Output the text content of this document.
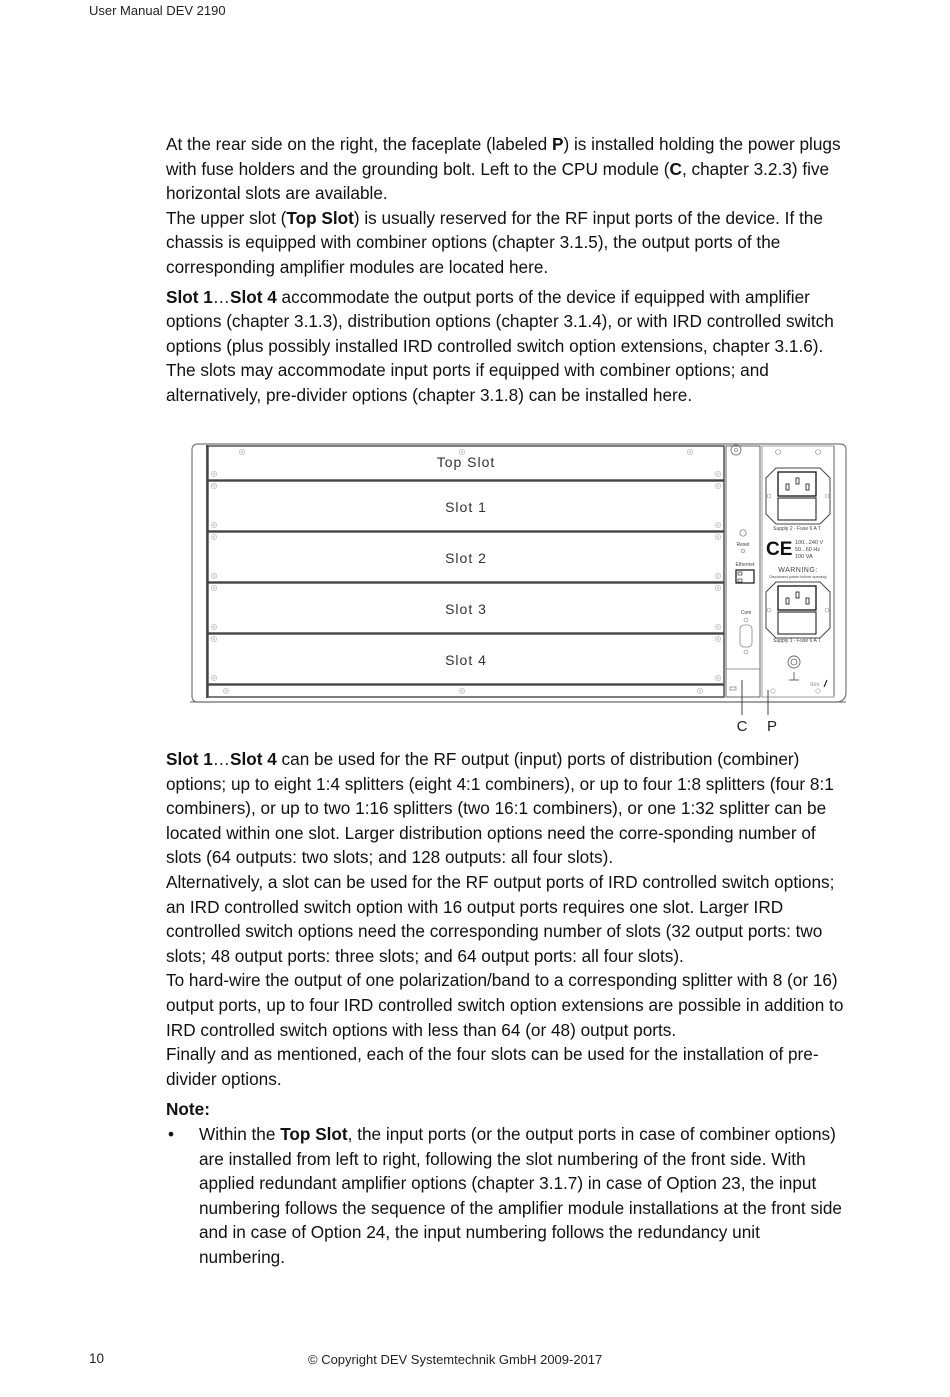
User Manual DEV 2190

At the rear side on the right, the faceplate (labeled P) is installed holding the power plugs with fuse holders and the grounding bolt. Left to the CPU module (C, chapter 3.2.3) five horizontal slots are available.

The upper slot (Top Slot) is usually reserved for the RF input ports of the device. If the chassis is equipped with combiner options (chapter 3.1.5), the output ports of the corresponding amplifier modules are located here.

Slot 1…Slot 4 accommodate the output ports of the device if equipped with amplifier options (chapter 3.1.3), distribution options (chapter 3.1.4), or with IRD controlled switch options (plus possibly installed IRD controlled switch option extensions, chapter 3.1.6). The slots may accommodate input ports if equipped with combiner options; and alternatively, pre-divider options (chapter 3.1.8) can be installed here.

Top Slot
Slot 1
Slot 2
Slot 3
Slot 4
Reset
Ethernet
Com
Supply 2 - Fuse 6 A T
CE 100...240 V
50...60 Hz
100 VA
WARNING:
Disconnect power before opening!
Supply 1 - Fuse 6 A T
dev
C P

Slot 1…Slot 4 can be used for the RF output (input) ports of distribution (combiner) options; up to eight 1:4 splitters (eight 4:1 combiners), or up to four 1:8 splitters (four 8:1 combiners), or up to two 1:16 splitters (two 16:1 combiners), or one 1:32 splitter can be located within one slot. Larger distribution options need the corre-sponding number of slots (64 outputs: two slots; and 128 outputs: all four slots).

Alternatively, a slot can be used for the RF output ports of IRD controlled switch options; an IRD controlled switch option with 16 output ports requires one slot. Larger IRD controlled switch options need the corresponding number of slots (32 output ports: two slots; 48 output ports: three slots; and 64 output ports: all four slots).

To hard-wire the output of one polarization/band to a corresponding splitter with 8 (or 16) output ports, up to four IRD controlled switch option extensions are possible in addition to IRD controlled switch options with less than 64 (or 48) output ports.

Finally and as mentioned, each of the four slots can be used for the installation of pre-divider options.

Note:

• Within the Top Slot, the input ports (or the output ports in case of combiner options) are installed from left to right, following the slot numbering of the front side. With applied redundant amplifier options (chapter 3.1.7) in case of Option 23, the input numbering follows the sequence of the amplifier module installations at the front side and in case of Option 24, the input numbering follows the redundancy unit numbering.

10	© Copyright DEV Systemtechnik GmbH 2009-2017
